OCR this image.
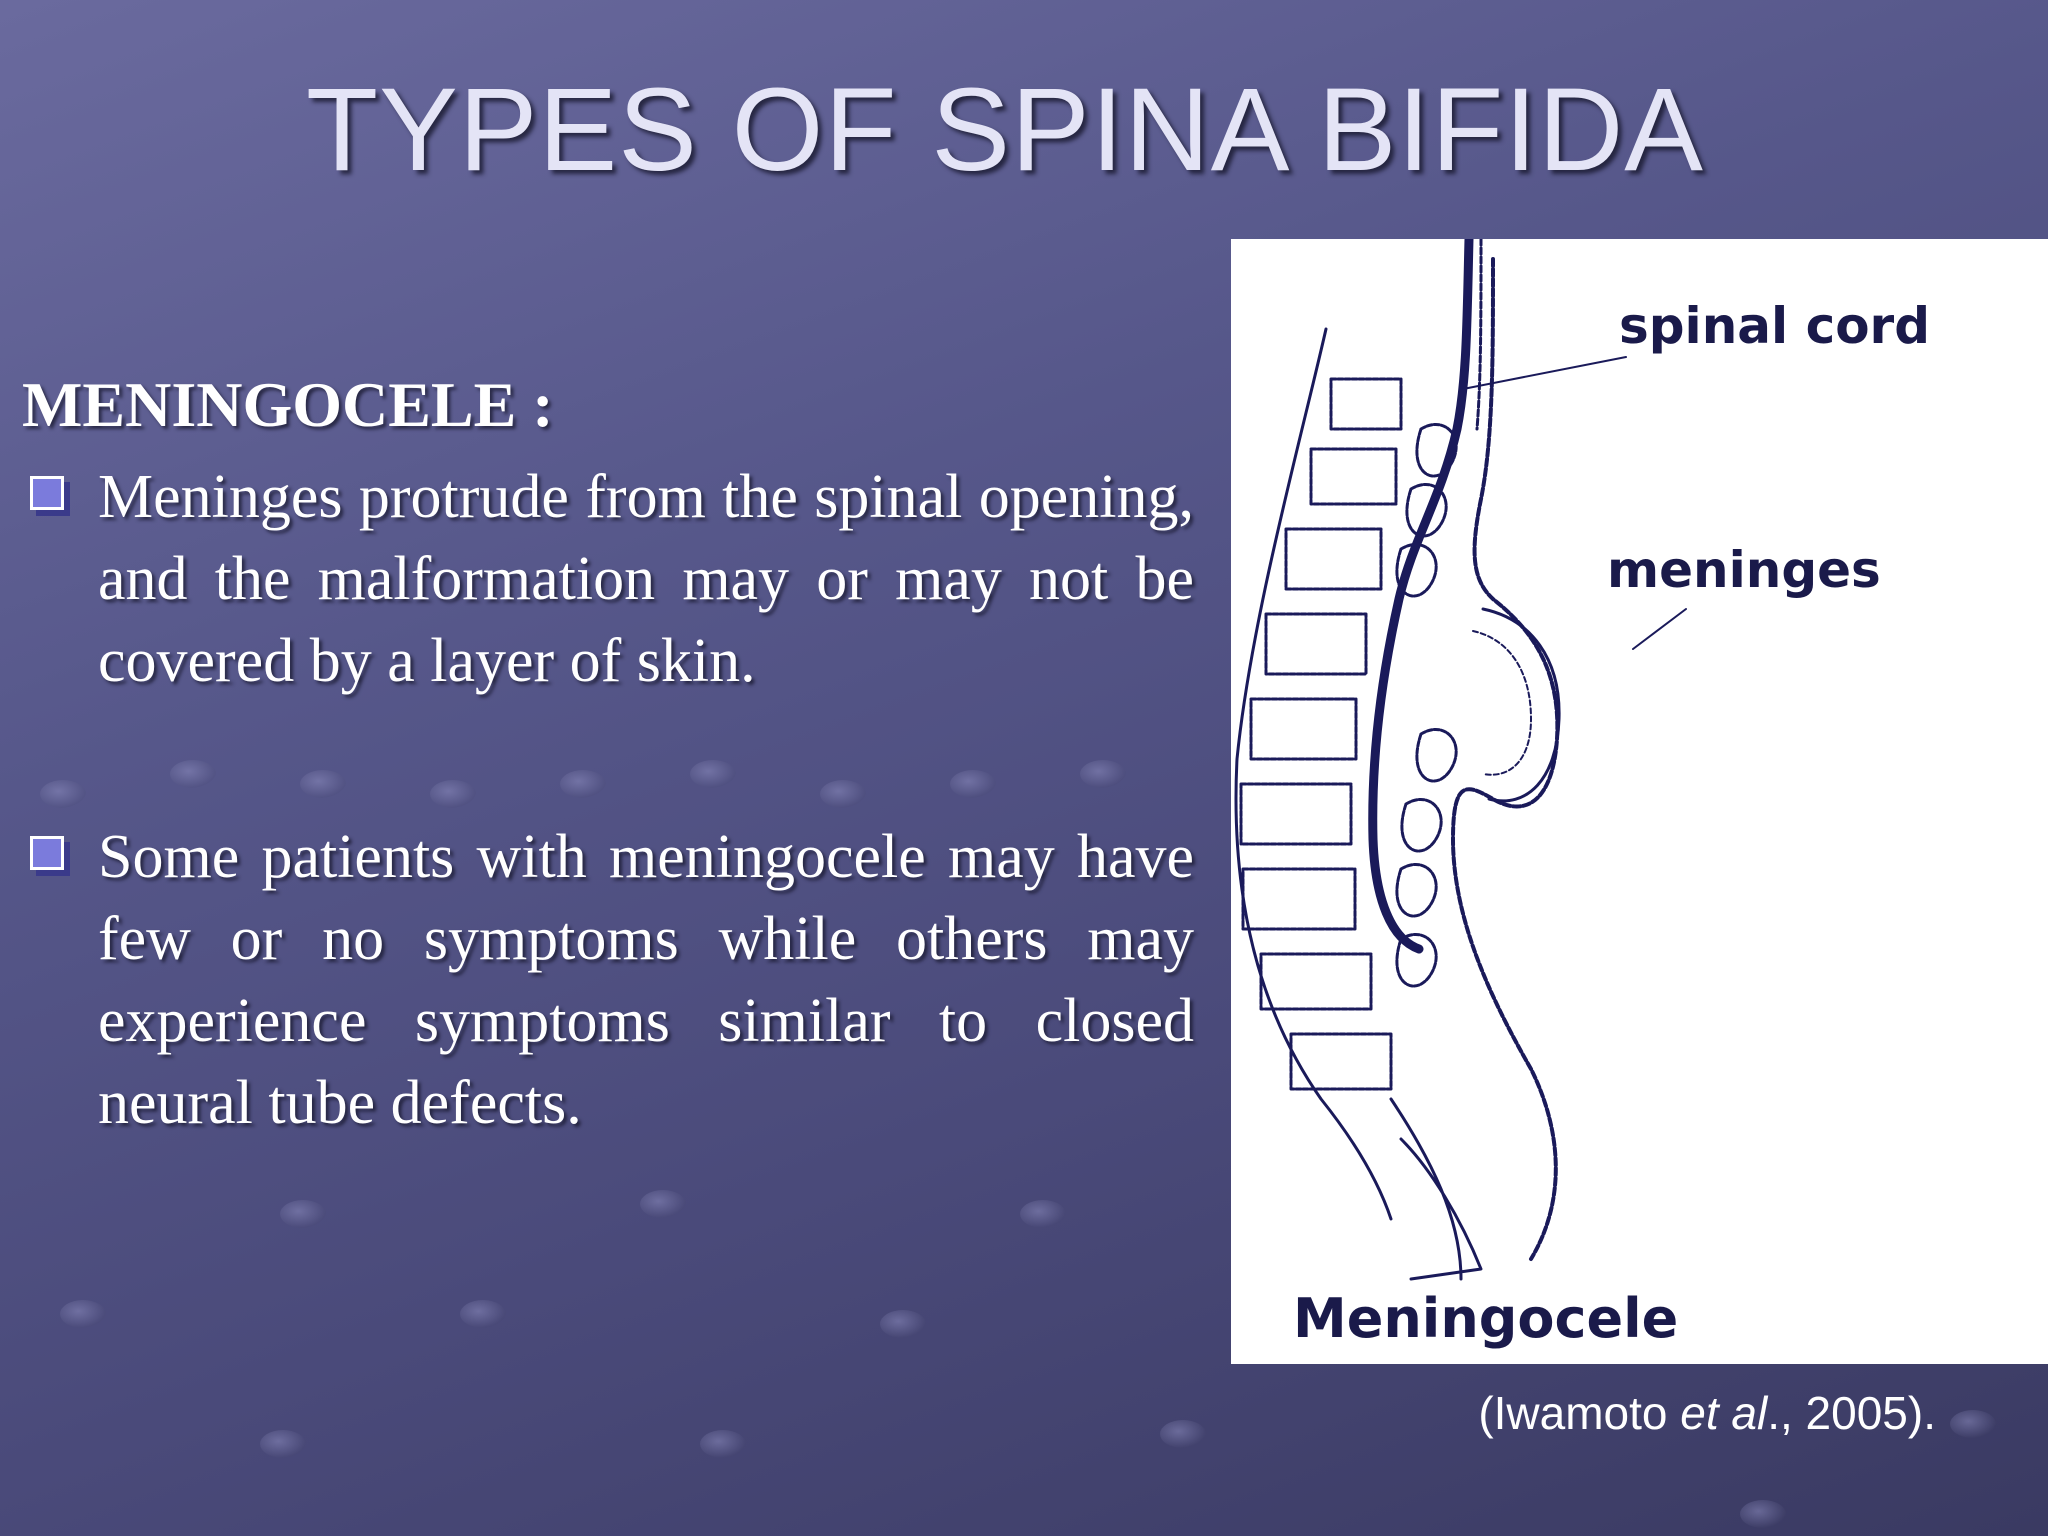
TYPES OF SPINA BIFIDA

MENINGOCELE :

Meninges protrude from the spinal opening, and the malformation may or may not be covered by a layer of skin.
Some patients with meningocele may have few or no symptoms while others may experience symptoms similar to closed neural tube defects.

spinal cord

meninges

Meningocele

(Iwamoto et al., 2005).
